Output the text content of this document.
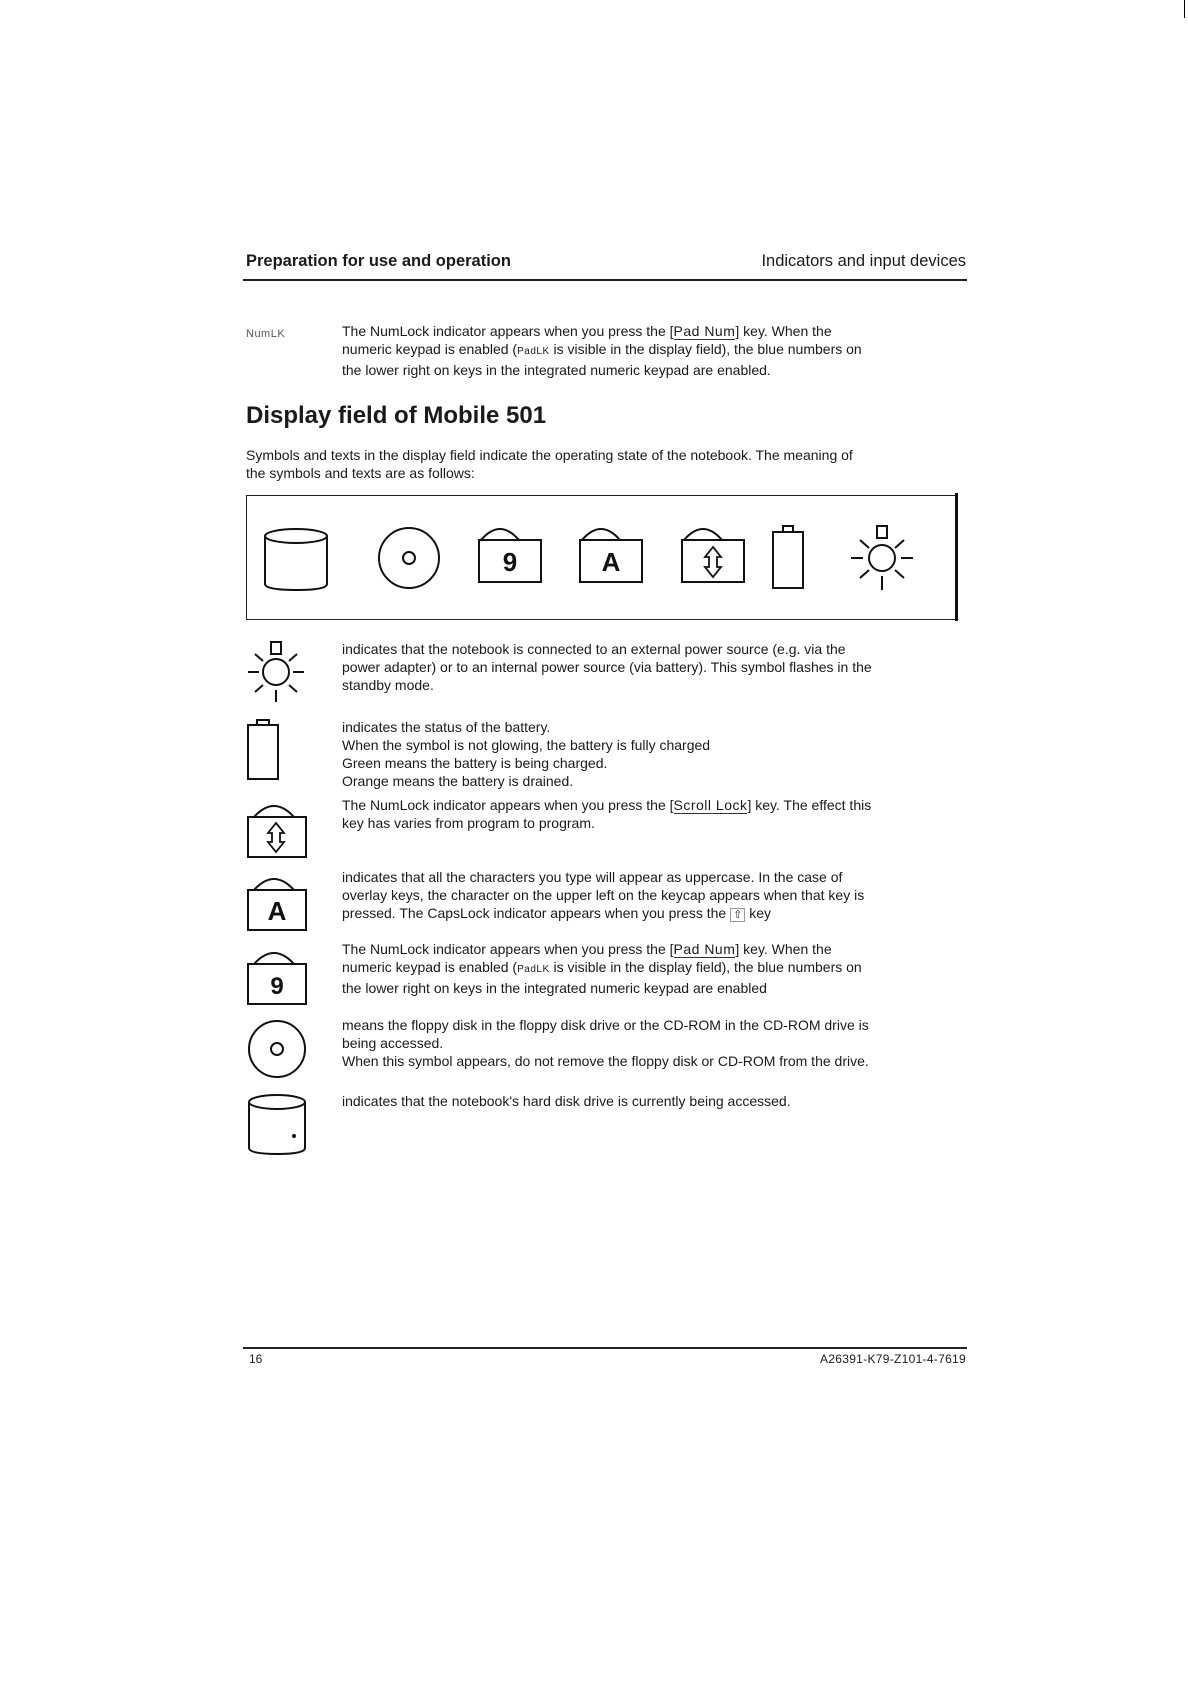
Preparation for use and operation	Indicators and input devices
NumLK	The NumLock indicator appears when you press the [Pad Num] key. When the
numeric keypad is enabled (PadLK is visible in the display field), the blue numbers on
the lower right on keys in the integrated numeric keypad are enabled.
Display field of Mobile 501
Symbols and texts in the display field indicate the operating state of the notebook. The meaning of
the symbols and texts are as follows:
9	A
indicates that the notebook is connected to an external power source (e.g. via the
power adapter) or to an internal power source (via battery). This symbol flashes in the
standby mode.
indicates the status of the battery.
When the symbol is not glowing, the battery is fully charged
Green means the battery is being charged.
Orange means the battery is drained.
The NumLock indicator appears when you press the [Scroll Lock] key. The effect this
key has varies from program to program.
A
indicates that all the characters you type will appear as uppercase. In the case of
overlay keys, the character on the upper left on the keycap appears when that key is
pressed. The CapsLock indicator appears when you press the ⇧ key
9
The NumLock indicator appears when you press the [Pad Num] key. When the
numeric keypad is enabled (PadLK is visible in the display field), the blue numbers on
the lower right on keys in the integrated numeric keypad are enabled
means the floppy disk in the floppy disk drive or the CD-ROM in the CD-ROM drive is
being accessed.
When this symbol appears, do not remove the floppy disk or CD-ROM from the drive.
indicates that the notebook's hard disk drive is currently being accessed.
16	A26391-K79-Z101-4-7619
